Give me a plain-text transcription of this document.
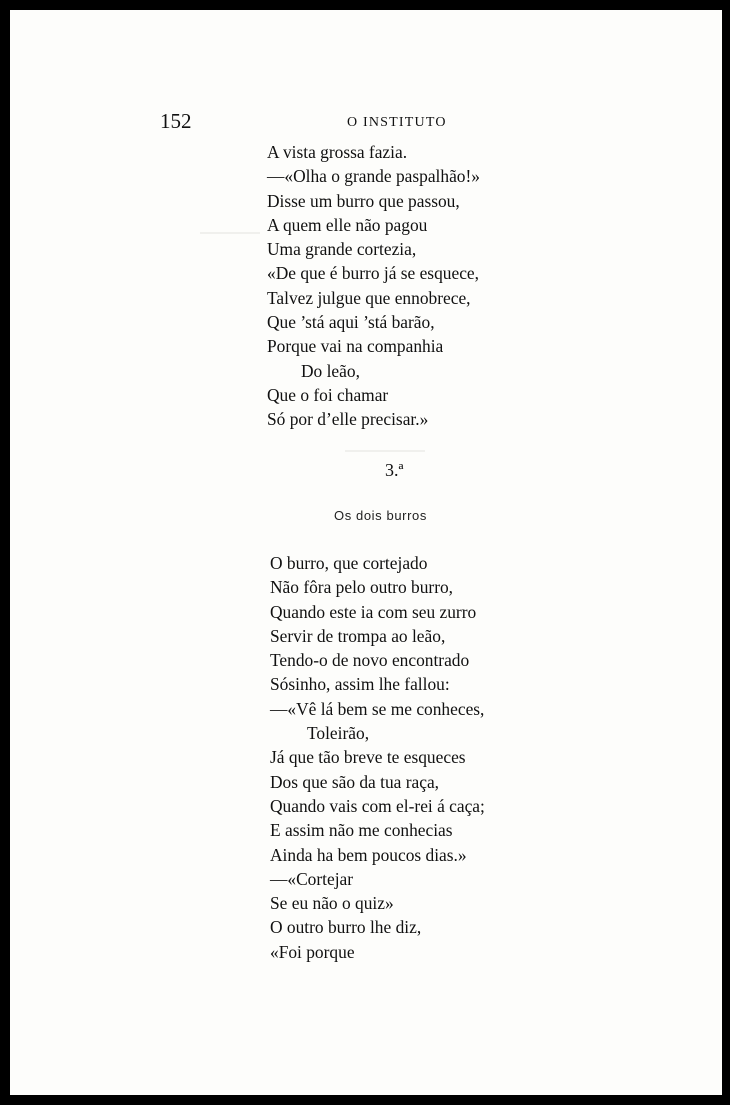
152	O INSTITUTO
A vista grossa fazia.
—«Olha o grande paspalhão!»
Disse um burro que passou,
A quem elle não pagou
Uma grande cortezia,
«De que é burro já se esquece,
Talvez julgue que ennobrece,
Que ’stá aqui ’stá barão,
Porque vai na companhia
Do leão,
Que o foi chamar
Só por d’elle precisar.»
3.ª
Os dois burros
O burro, que cortejado
Não fôra pelo outro burro,
Quando este ia com seu zurro
Servir de trompa ao leão,
Tendo-o de novo encontrado
Sósinho, assim lhe fallou:
—«Vê lá bem se me conheces,
Toleirão,
Já que tão breve te esqueces
Dos que são da tua raça,
Quando vais com el-rei á caça;
E assim não me conhecias
Ainda ha bem poucos dias.»
—«Cortejar
Se eu não o quiz»
O outro burro lhe diz,
«Foi porque
